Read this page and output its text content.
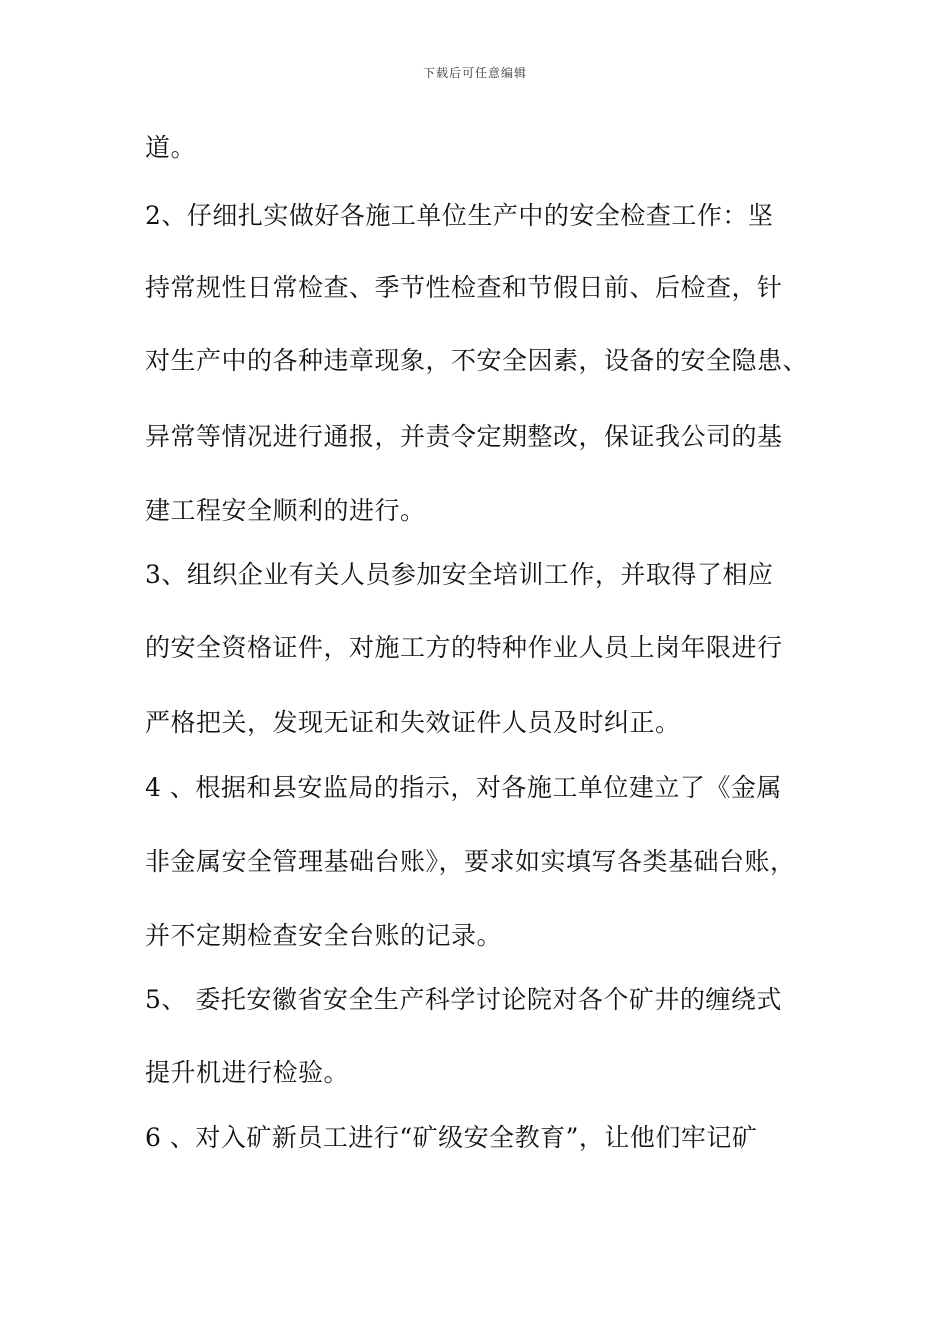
下载后可任意编辑
道。
2、仔细扎实做好各施工单位生产中的安全检查工作：坚
持常规性日常检查、季节性检查和节假日前、后检查，针
对生产中的各种违章现象，不安全因素，设备的安全隐患、
异常等情况进行通报，并责令定期整改，保证我公司的基
建工程安全顺利的进行。
3、组织企业有关人员参加安全培训工作，并取得了相应
的安全资格证件，对施工方的特种作业人员上岗年限进行
严格把关，发现无证和失效证件人员及时纠正。
4 、根据和县安监局的指示，对各施工单位建立了《金属
非金属安全管理基础台账》，要求如实填写各类基础台账，
并不定期检查安全台账的记录。
5、 委托安徽省安全生产科学讨论院对各个矿井的缠绕式
提升机进行检验。
6 、对入矿新员工进行“矿级安全教育”，让他们牢记矿
